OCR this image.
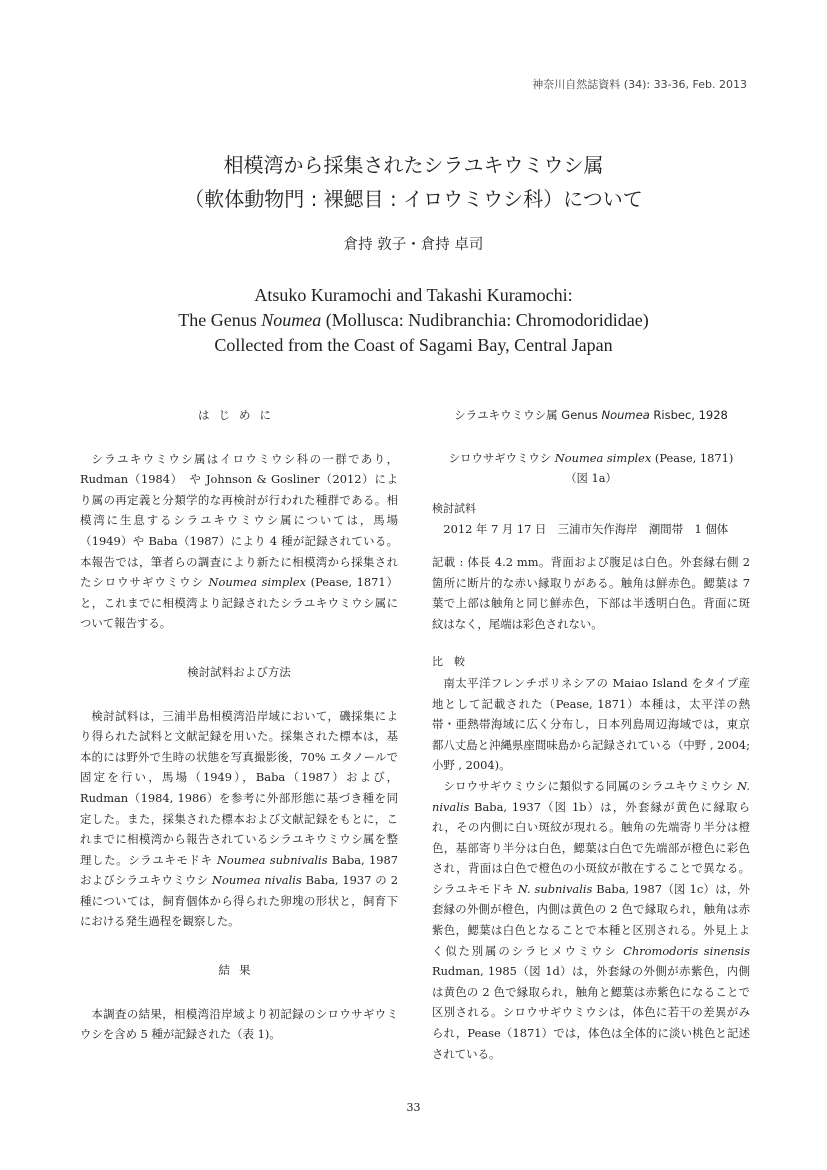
神奈川自然誌資料 (34): 33-36, Feb. 2013
相模湾から採集されたシラユキウミウシ属
（軟体動物門 : 裸鰓目 : イロウミウシ科）について
倉持 敦子・倉持 卓司
Atsuko Kuramochi and Takashi Kuramochi:
The Genus Noumea (Mollusca: Nudibranchia: Chromodorididae)
Collected from the Coast of Sagami Bay, Central Japan
はじめに

シラユキウミウシ属はイロウミウシ科の一群であり，Rudman（1984）　や Johnson & Gosliner（2012）により属の再定義と分類学的な再検討が行われた種群である。相模湾に生息するシラユキウミウシ属については，馬場（1949）や Baba（1987）により 4 種が記録されている。本報告では，筆者らの調査により新たに相模湾から採集されたシロウサギウミウシ Noumea simplex (Pease, 1871）と，これまでに相模湾より記録されたシラユキウミウシ属について報告する。

検討試料および方法

検討試料は，三浦半島相模湾沿岸域において，磯採集により得られた試料と文献記録を用いた。採集された標本は，基本的には野外で生時の状態を写真撮影後，70% エタノールで固定を行い，馬場（1949），Baba（1987）および，Rudman（1984, 1986）を参考に外部形態に基づき種を同定した。また，採集された標本および文献記録をもとに，これまでに相模湾から報告されているシラユキウミウシ属を整理した。シラユキモドキ Noumea subnivalis Baba, 1987 およびシラユキウミウシ Noumea nivalis Baba, 1937 の 2 種については，飼育個体から得られた卵塊の形状と，飼育下における発生過程を観察した。

結果

本調査の結果，相模湾沿岸域より初記録のシロウサギウミウシを含め 5 種が記録された（表 1)。

シラユキウミウシ属 Genus Noumea Risbec, 1928
シロウサギウミウシ Noumea simplex (Pease, 1871)
（図 1a）
検討試料

2012 年 7 月 17 日　三浦市矢作海岸　潮間帯　1 個体

記載 : 体長 4.2 mm。背面および腹足は白色。外套縁右側 2 箇所に断片的な赤い縁取りがある。触角は鮮赤色。鰓葉は 7 葉で上部は触角と同じ鮮赤色，下部は半透明白色。背面に斑紋はなく，尾端は彩色されない。

比　較

南太平洋フレンチポリネシアの Maiao Island をタイプ産地として記載された（Pease, 1871）本種は，太平洋の熱帯・亜熱帯海域に広く分布し，日本列島周辺海域では，東京都八丈島と沖縄県座間味島から記録されている（中野 , 2004; 小野 , 2004)。

シロウサギウミウシに類似する同属のシラユキウミウシ N. nivalis Baba, 1937（図 1b）は，外套縁が黄色に縁取られ，その内側に白い斑紋が現れる。触角の先端寄り半分は橙色，基部寄り半分は白色，鰓葉は白色で先端部が橙色に彩色され，背面は白色で橙色の小斑紋が散在することで異なる。シラユキモドキ N. subnivalis Baba, 1987（図 1c）は，外套縁の外側が橙色，内側は黄色の 2 色で縁取られ，触角は赤紫色，鰓葉は白色となることで本種と区別される。外見上よく似た別属のシラヒメウミウシ Chromodoris sinensis Rudman, 1985（図 1d）は，外套縁の外側が赤紫色，内側は黄色の 2 色で縁取られ，触角と鰓葉は赤紫色になることで区別される。シロウサギウミウシは，体色に若干の差異がみられ，Pease（1871）では，体色は全体的に淡い桃色と記述されている。

33
